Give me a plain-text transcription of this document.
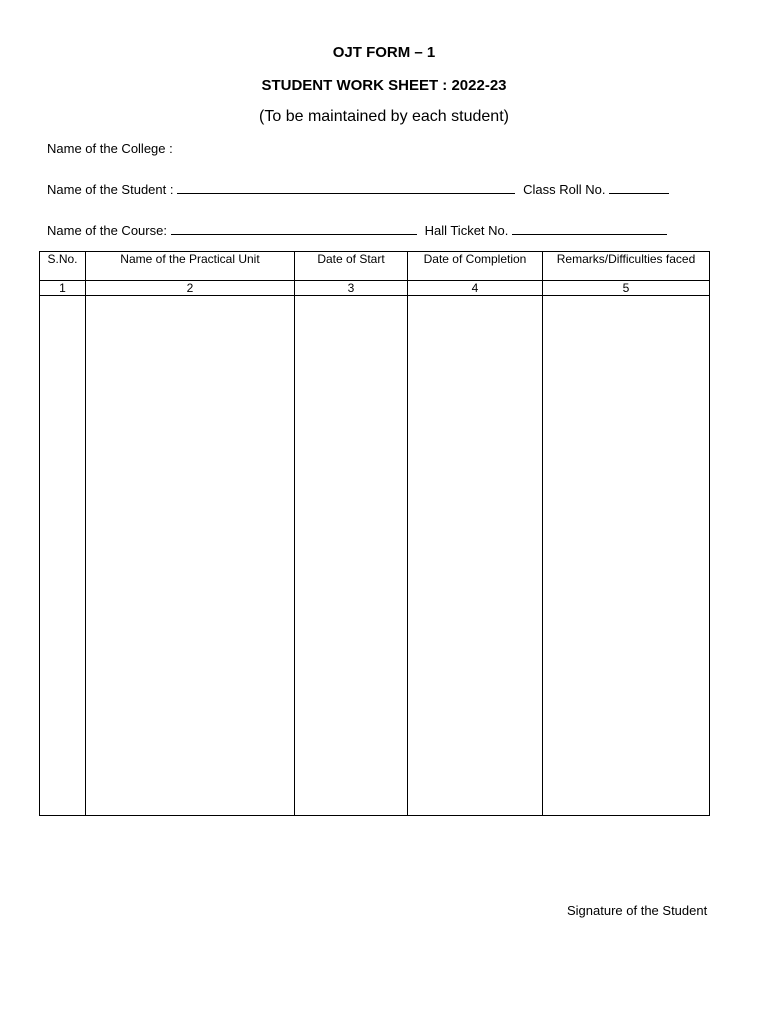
OJT FORM – 1
STUDENT WORK SHEET : 2022-23
(To be maintained by each student)
Name of the College :
Name of the Student :	Class Roll No.
Name of the Course:	Hall Ticket No.
S.No.	Name of the Practical Unit	Date of Start	Date of Completion	Remarks/Difficulties faced
1	2	3	4	5

Signature of the Student
